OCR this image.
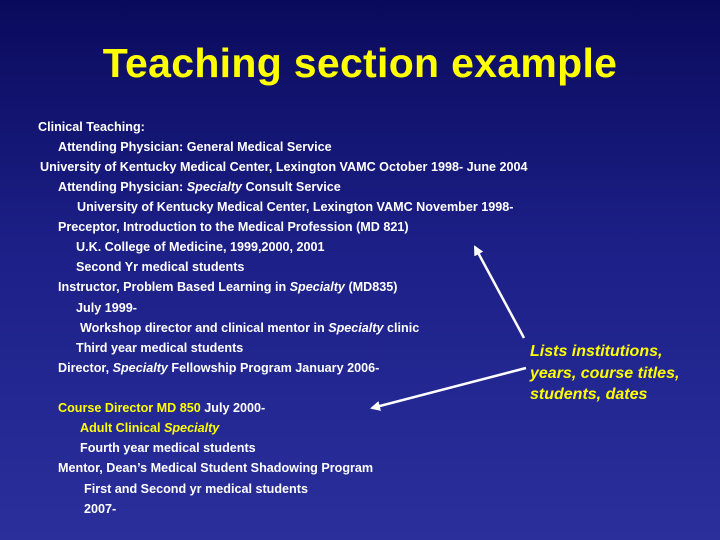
Teaching section example
Clinical Teaching:
Attending Physician: General Medical Service
University of Kentucky Medical Center, Lexington VAMC October 1998- June 2004
Attending Physician: Specialty Consult Service
University of Kentucky Medical Center, Lexington VAMC November 1998-
Preceptor, Introduction to the Medical Profession (MD 821)
U.K. College of Medicine, 1999,2000, 2001
Second Yr medical students
Instructor, Problem Based Learning in Specialty (MD835)
July 1999-
Workshop director and clinical mentor in Specialty clinic
Third year medical students
Director, Specialty Fellowship Program January 2006-
Course Director MD 850 July 2000-
Adult Clinical Specialty
Fourth year medical students
Mentor, Dean’s Medical Student Shadowing Program
First and Second yr medical students
2007-
Lists institutions,
years, course titles,
students, dates
